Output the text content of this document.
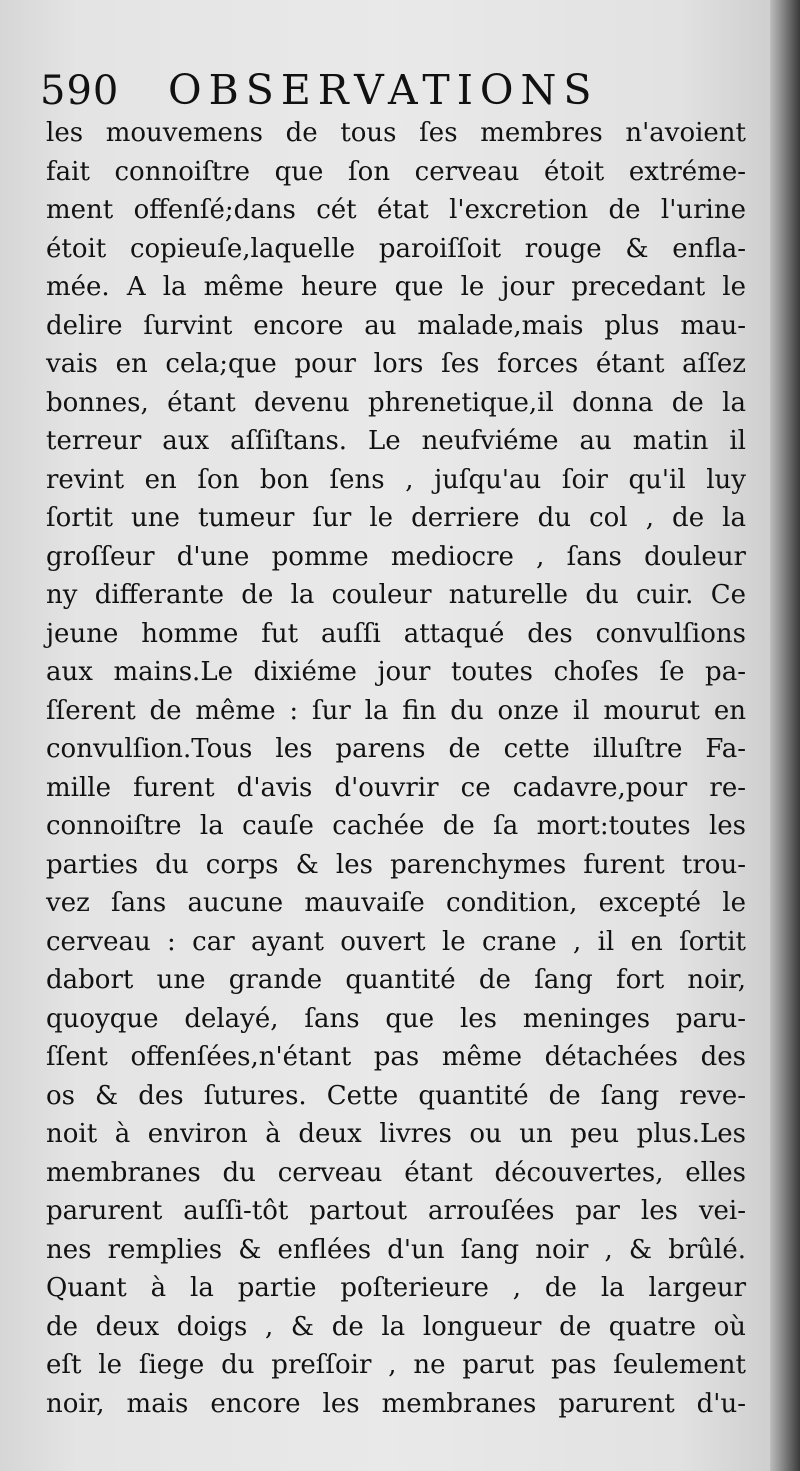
590 OBSERVATIONS
les mouvemens de tous ſes membres n'avoient
fait connoiſtre que ſon cerveau étoit extréme-
ment offenſé;dans cét état l'excretion de l'urine
étoit copieuſe,laquelle paroiſſoit rouge & enfla-
mée. A la même heure que le jour precedant le
delire ſurvint encore au malade,mais plus mau-
vais en cela;que pour lors ſes forces étant aſſez
bonnes, étant devenu phrenetique,il donna de la
terreur aux aſſiſtans. Le neufviéme au matin il
revint en ſon bon ſens , juſqu'au ſoir qu'il luy
ſortit une tumeur ſur le derriere du col , de la
groſſeur d'une pomme mediocre , ſans douleur
ny differante de la couleur naturelle du cuir. Ce
jeune homme fut auſſi attaqué des convulſions
aux mains.Le dixiéme jour toutes choſes ſe pa-
ſſerent de même : ſur la fin du onze il mourut en
convulſion.Tous les parens de cette illuſtre Fa-
mille furent d'avis d'ouvrir ce cadavre,pour re-
connoiſtre la cauſe cachée de ſa mort:toutes les
parties du corps & les parenchymes furent trou-
vez ſans aucune mauvaiſe condition, excepté le
cerveau : car ayant ouvert le crane , il en ſortit
dabort une grande quantité de ſang fort noir,
quoyque delayé, ſans que les meninges paru-
ſſent offenſées,n'étant pas même détachées des
os & des ſutures. Cette quantité de ſang reve-
noit à environ à deux livres ou un peu plus.Les
membranes du cerveau étant découvertes, elles
parurent auſſi-tôt partout arrouſées par les vei-
nes remplies & enflées d'un ſang noir , & brûlé.
Quant à la partie poſterieure , de la largeur
de deux doigs , & de la longueur de quatre où
eſt le ſiege du preſſoir , ne parut pas ſeulement
noir, mais encore les membranes parurent d'u-
